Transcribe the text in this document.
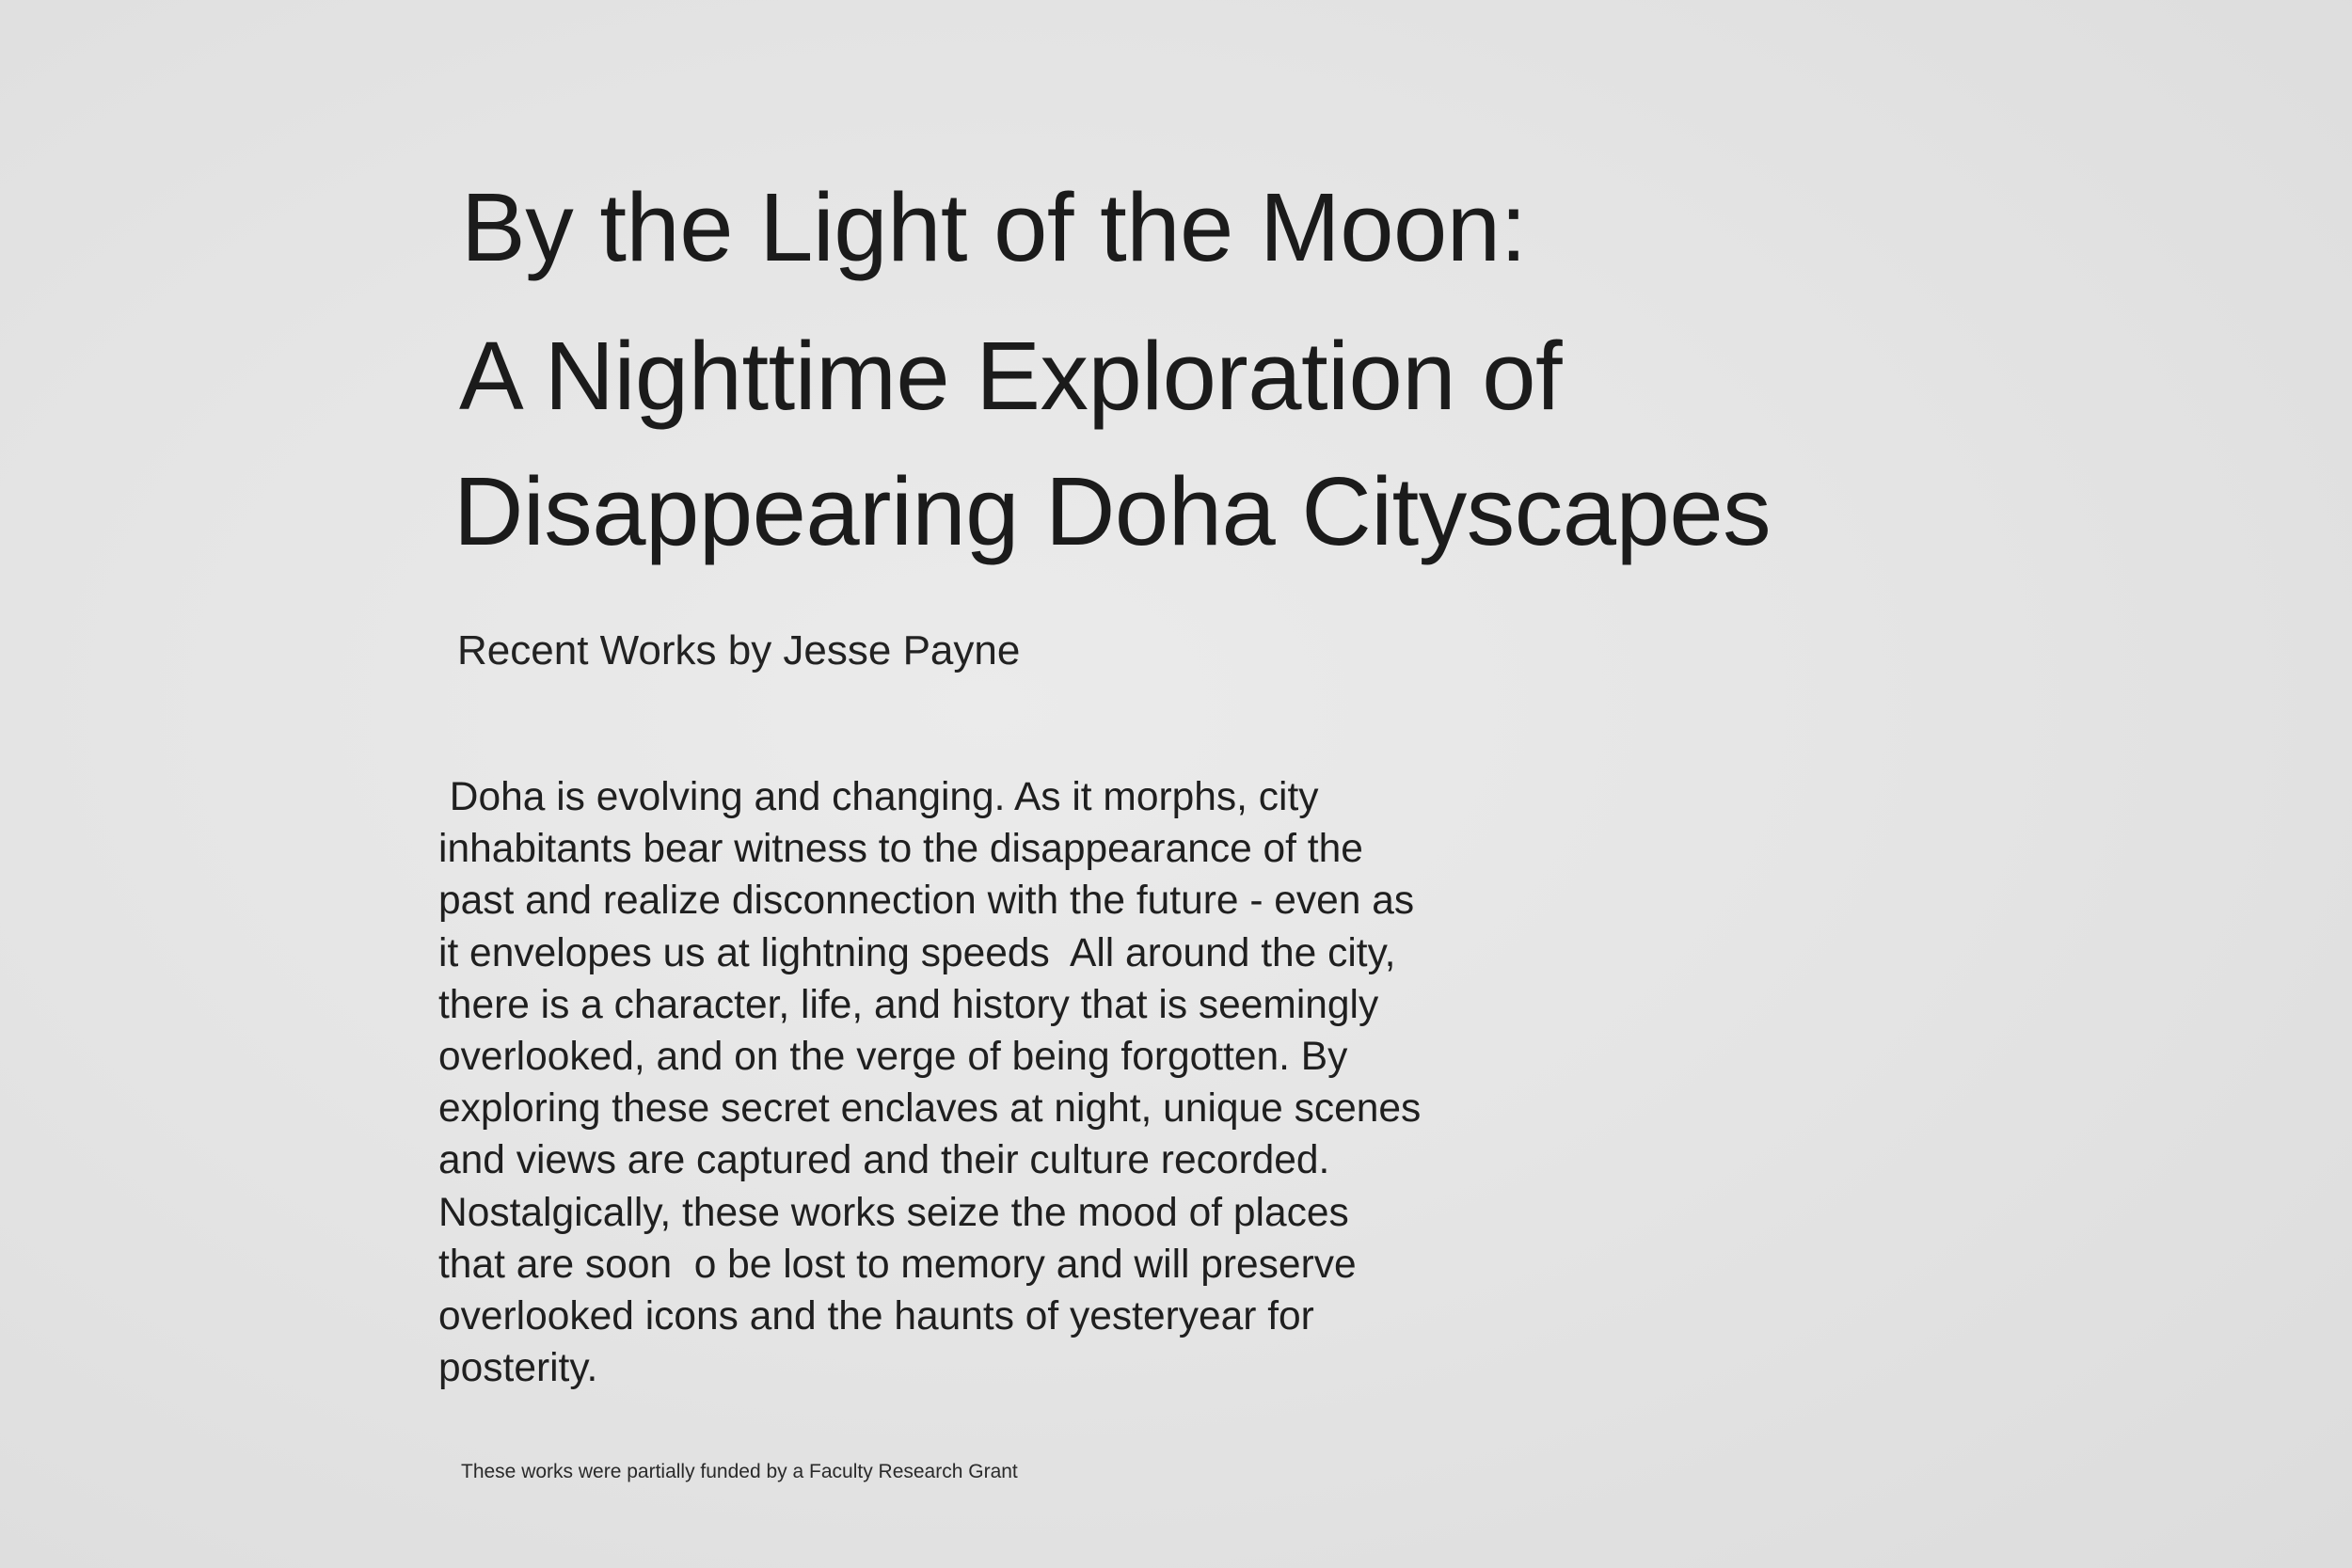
By the Light of the Moon:
A Nighttime Exploration of
Disappearing Doha Cityscapes
Recent Works by Jesse Payne
Doha is evolving and changing. As it morphs, city
inhabitants bear witness to the disappearance of the
past and realize disconnection with the future - even as
it envelopes us at lightning speeds  All around the city,
there is a character, life, and history that is seemingly
overlooked, and on the verge of being forgotten. By
exploring these secret enclaves at night, unique scenes
and views are captured and their culture recorded.
Nostalgically, these works seize the mood of places
that are soon  o be lost to memory and will preserve
overlooked icons and the haunts of yesteryear for
posterity.
These works were partially funded by a Faculty Research Grant
